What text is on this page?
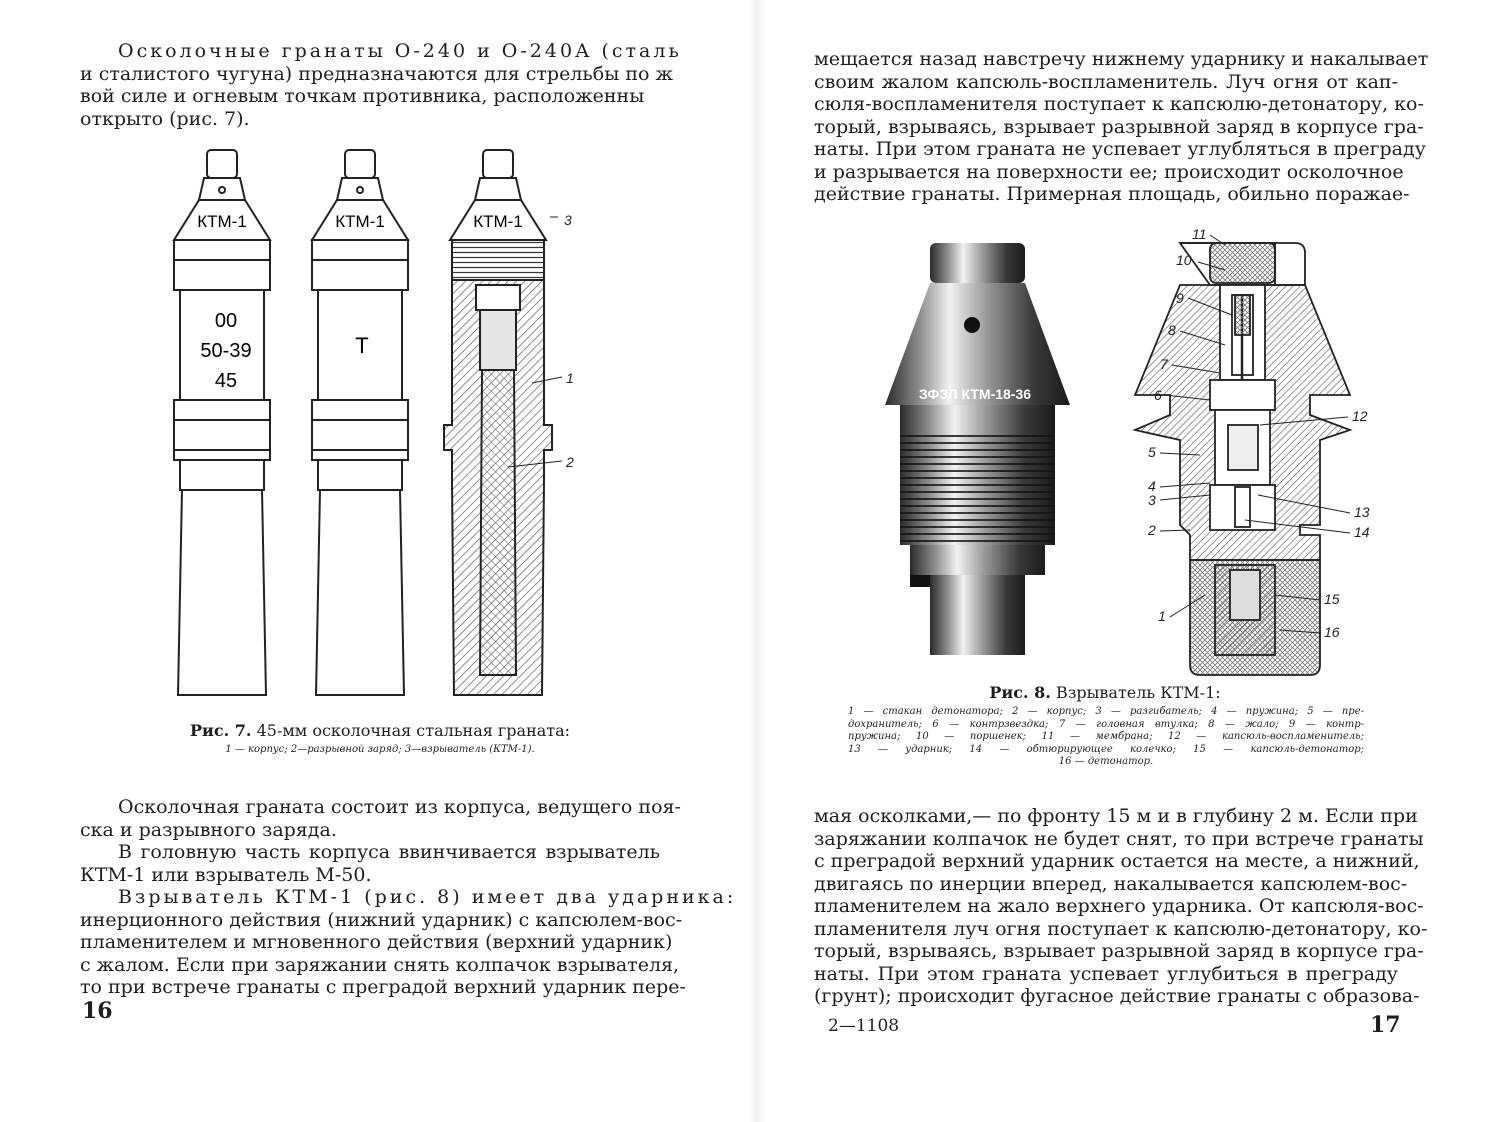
Осколочные гранаты О-240 и О-240А (сталь
и сталистого чугуна) предназначаются для стрельбы по ж
вой силе и огневым точкам противника, расположенны
открыто (рис. 7).
КТМ-1
00
50-39
45
КТМ-1
Т
КТМ-1	3
1
2
Рис. 7. 45-мм осколочная стальная граната:
1 — корпус; 2—разрывной заряд; 3—взрыватель (КТМ-1).
Осколочная граната состоит из корпуса, ведущего поя-
ска и разрывного заряда.
В головную часть корпуса ввинчивается взрыватель
КТМ-1 или взрыватель М-50.
Взрыватель КТМ-1 (рис. 8) имеет два ударника:
инерционного действия (нижний ударник) с капсюлем-вос-
пламенителем и мгновенного действия (верхний ударник)
с жалом. Если при заряжании снять колпачок взрывателя,
то при встрече гранаты с преградой верхний ударник пере-
16
мещается назад навстречу нижнему ударнику и накалывает
своим жалом капсюль-воспламенитель. Луч огня от кап-
сюля-воспламенителя поступает к капсюлю-детонатору, ко-
торый, взрываясь, взрывает разрывной заряд в корпусе гра-
наты. При этом граната не успевает углубляться в преграду
и разрывается на поверхности ее; происходит осколочное
действие гранаты. Примерная площадь, обильно поражае-
ЗФЗЛ КТМ-18-36
11
10
9
8
7
6
5
4
3
2
1
12
13
14
15
16
Рис. 8. Взрыватель КТМ-1:
1 — стакан детонатора; 2 — корпус; 3 — разгибатель; 4 — пружина; 5 — пре-
дохранитель; 6 — контрзвездка; 7 — головная втулка; 8 — жало; 9 — контр-
пружина; 10 — поршенек; 11 — мембрана; 12 — капсюль-воспламенитель;
13 — ударник; 14 — обтюрирующее колечко; 15 — капсюль-детонатор;
16 — детонатор.
мая осколками,— по фронту 15 м и в глубину 2 м. Если при
заряжании колпачок не будет снят, то при встрече гранаты
с преградой верхний ударник остается на месте, а нижний,
двигаясь по инерции вперед, накалывается капсюлем-вос-
пламенителем на жало верхнего ударника. От капсюля-вос-
пламенителя луч огня поступает к капсюлю-детонатору, ко-
торый, взрываясь, взрывает разрывной заряд в корпусе гра-
наты. При этом граната успевает углубиться в преграду
(грунт); происходит фугасное действие гранаты с образова-
2—1108	17
